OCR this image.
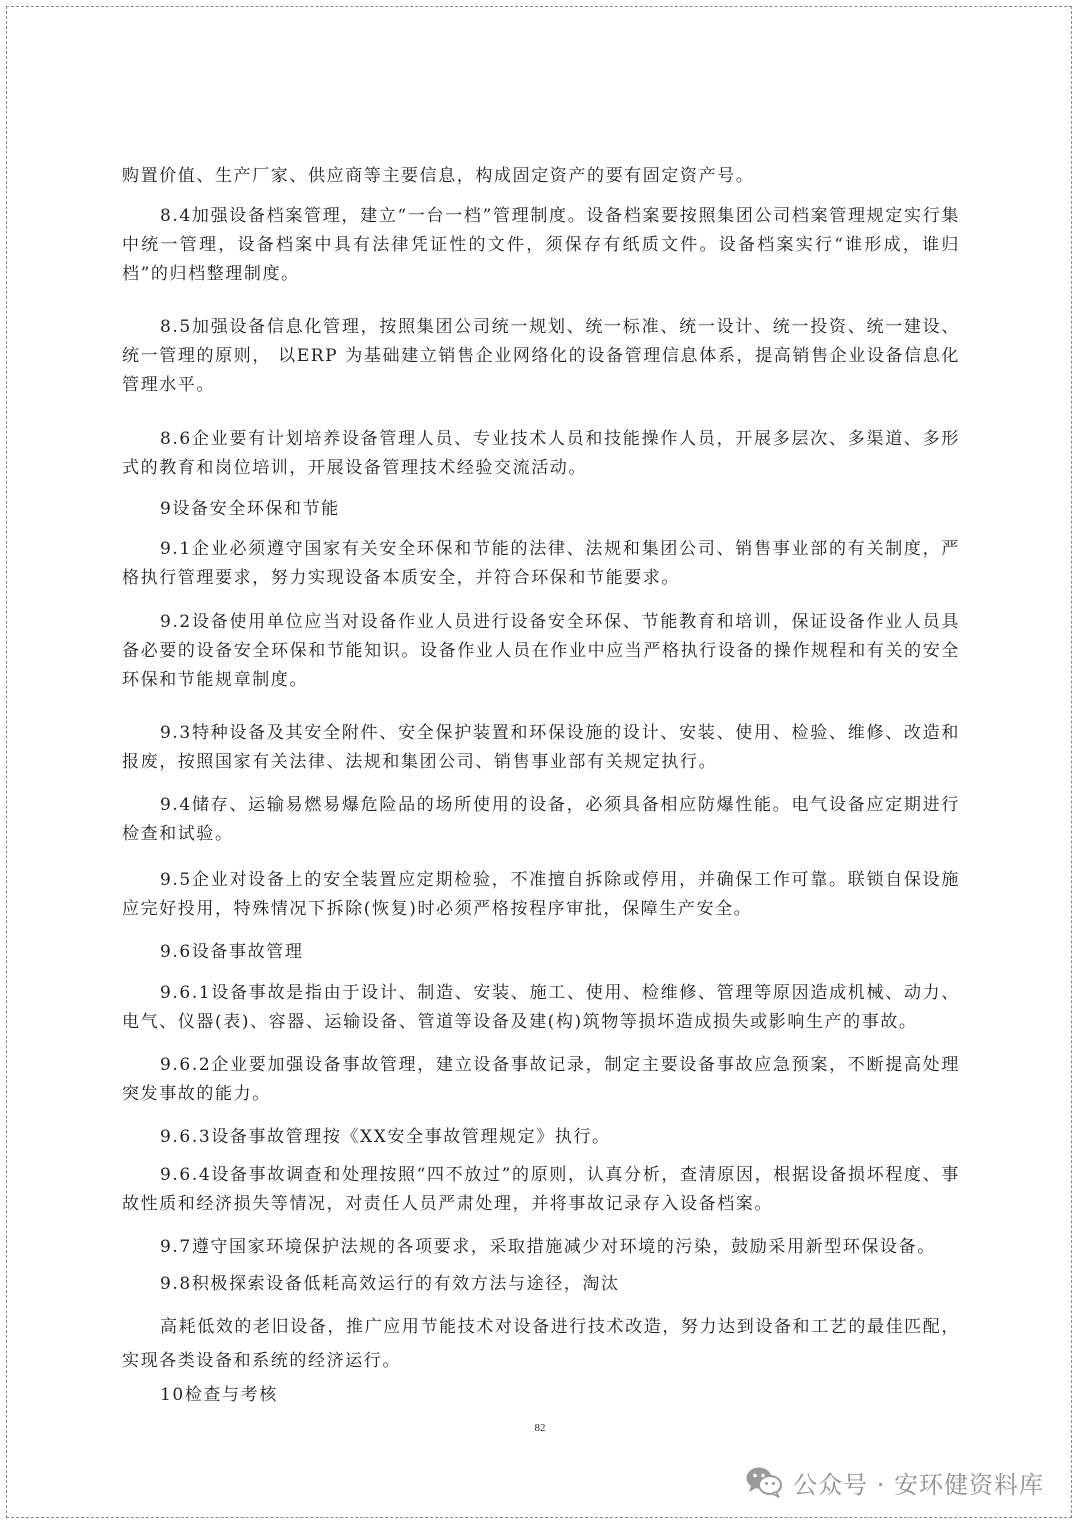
购置价值、生产厂家、供应商等主要信息，构成固定资产的要有固定资产号。

8.4加强设备档案管理，建立“一台一档”管理制度。设备档案要按照集团公司档案管理规定实行集中统一管理，设备档案中具有法律凭证性的文件，须保存有纸质文件。设备档案实行“谁形成，谁归档”的归档整理制度。

8.5加强设备信息化管理，按照集团公司统一规划、统一标准、统一设计、统一投资、统一建设、统一管理的原则， 以ERP 为基础建立销售企业网络化的设备管理信息体系，提高销售企业设备信息化管理水平。

8.6企业要有计划培养设备管理人员、专业技术人员和技能操作人员，开展多层次、多渠道、多形式的教育和岗位培训，开展设备管理技术经验交流活动。

9设备安全环保和节能

9.1企业必须遵守国家有关安全环保和节能的法律、法规和集团公司、销售事业部的有关制度，严格执行管理要求，努力实现设备本质安全，并符合环保和节能要求。

9.2设备使用单位应当对设备作业人员进行设备安全环保、节能教育和培训，保证设备作业人员具备必要的设备安全环保和节能知识。设备作业人员在作业中应当严格执行设备的操作规程和有关的安全环保和节能规章制度。

9.3特种设备及其安全附件、安全保护装置和环保设施的设计、安装、使用、检验、维修、改造和报废，按照国家有关法律、法规和集团公司、销售事业部有关规定执行。

9.4储存、运输易燃易爆危险品的场所使用的设备，必须具备相应防爆性能。电气设备应定期进行检查和试验。

9.5企业对设备上的安全装置应定期检验，不准擅自拆除或停用，并确保工作可靠。联锁自保设施应完好投用，特殊情况下拆除(恢复)时必须严格按程序审批，保障生产安全。

9.6设备事故管理

9.6.1设备事故是指由于设计、制造、安装、施工、使用、检维修、管理等原因造成机械、动力、电气、仪器(表)、容器、运输设备、管道等设备及建(构)筑物等损坏造成损失或影响生产的事故。

9.6.2企业要加强设备事故管理，建立设备事故记录，制定主要设备事故应急预案，不断提高处理突发事故的能力。

9.6.3设备事故管理按《XX安全事故管理规定》执行。

9.6.4设备事故调查和处理按照“四不放过”的原则，认真分析，查清原因，根据设备损坏程度、事故性质和经济损失等情况，对责任人员严肃处理，并将事故记录存入设备档案。

9.7遵守国家环境保护法规的各项要求，采取措施减少对环境的污染，鼓励采用新型环保设备。

9.8积极探索设备低耗高效运行的有效方法与途径，淘汰

高耗低效的老旧设备，推广应用节能技术对设备进行技术改造，努力达到设备和工艺的最佳匹配，实现各类设备和系统的经济运行。

10检查与考核

82
公众号 · 安环健资料库
